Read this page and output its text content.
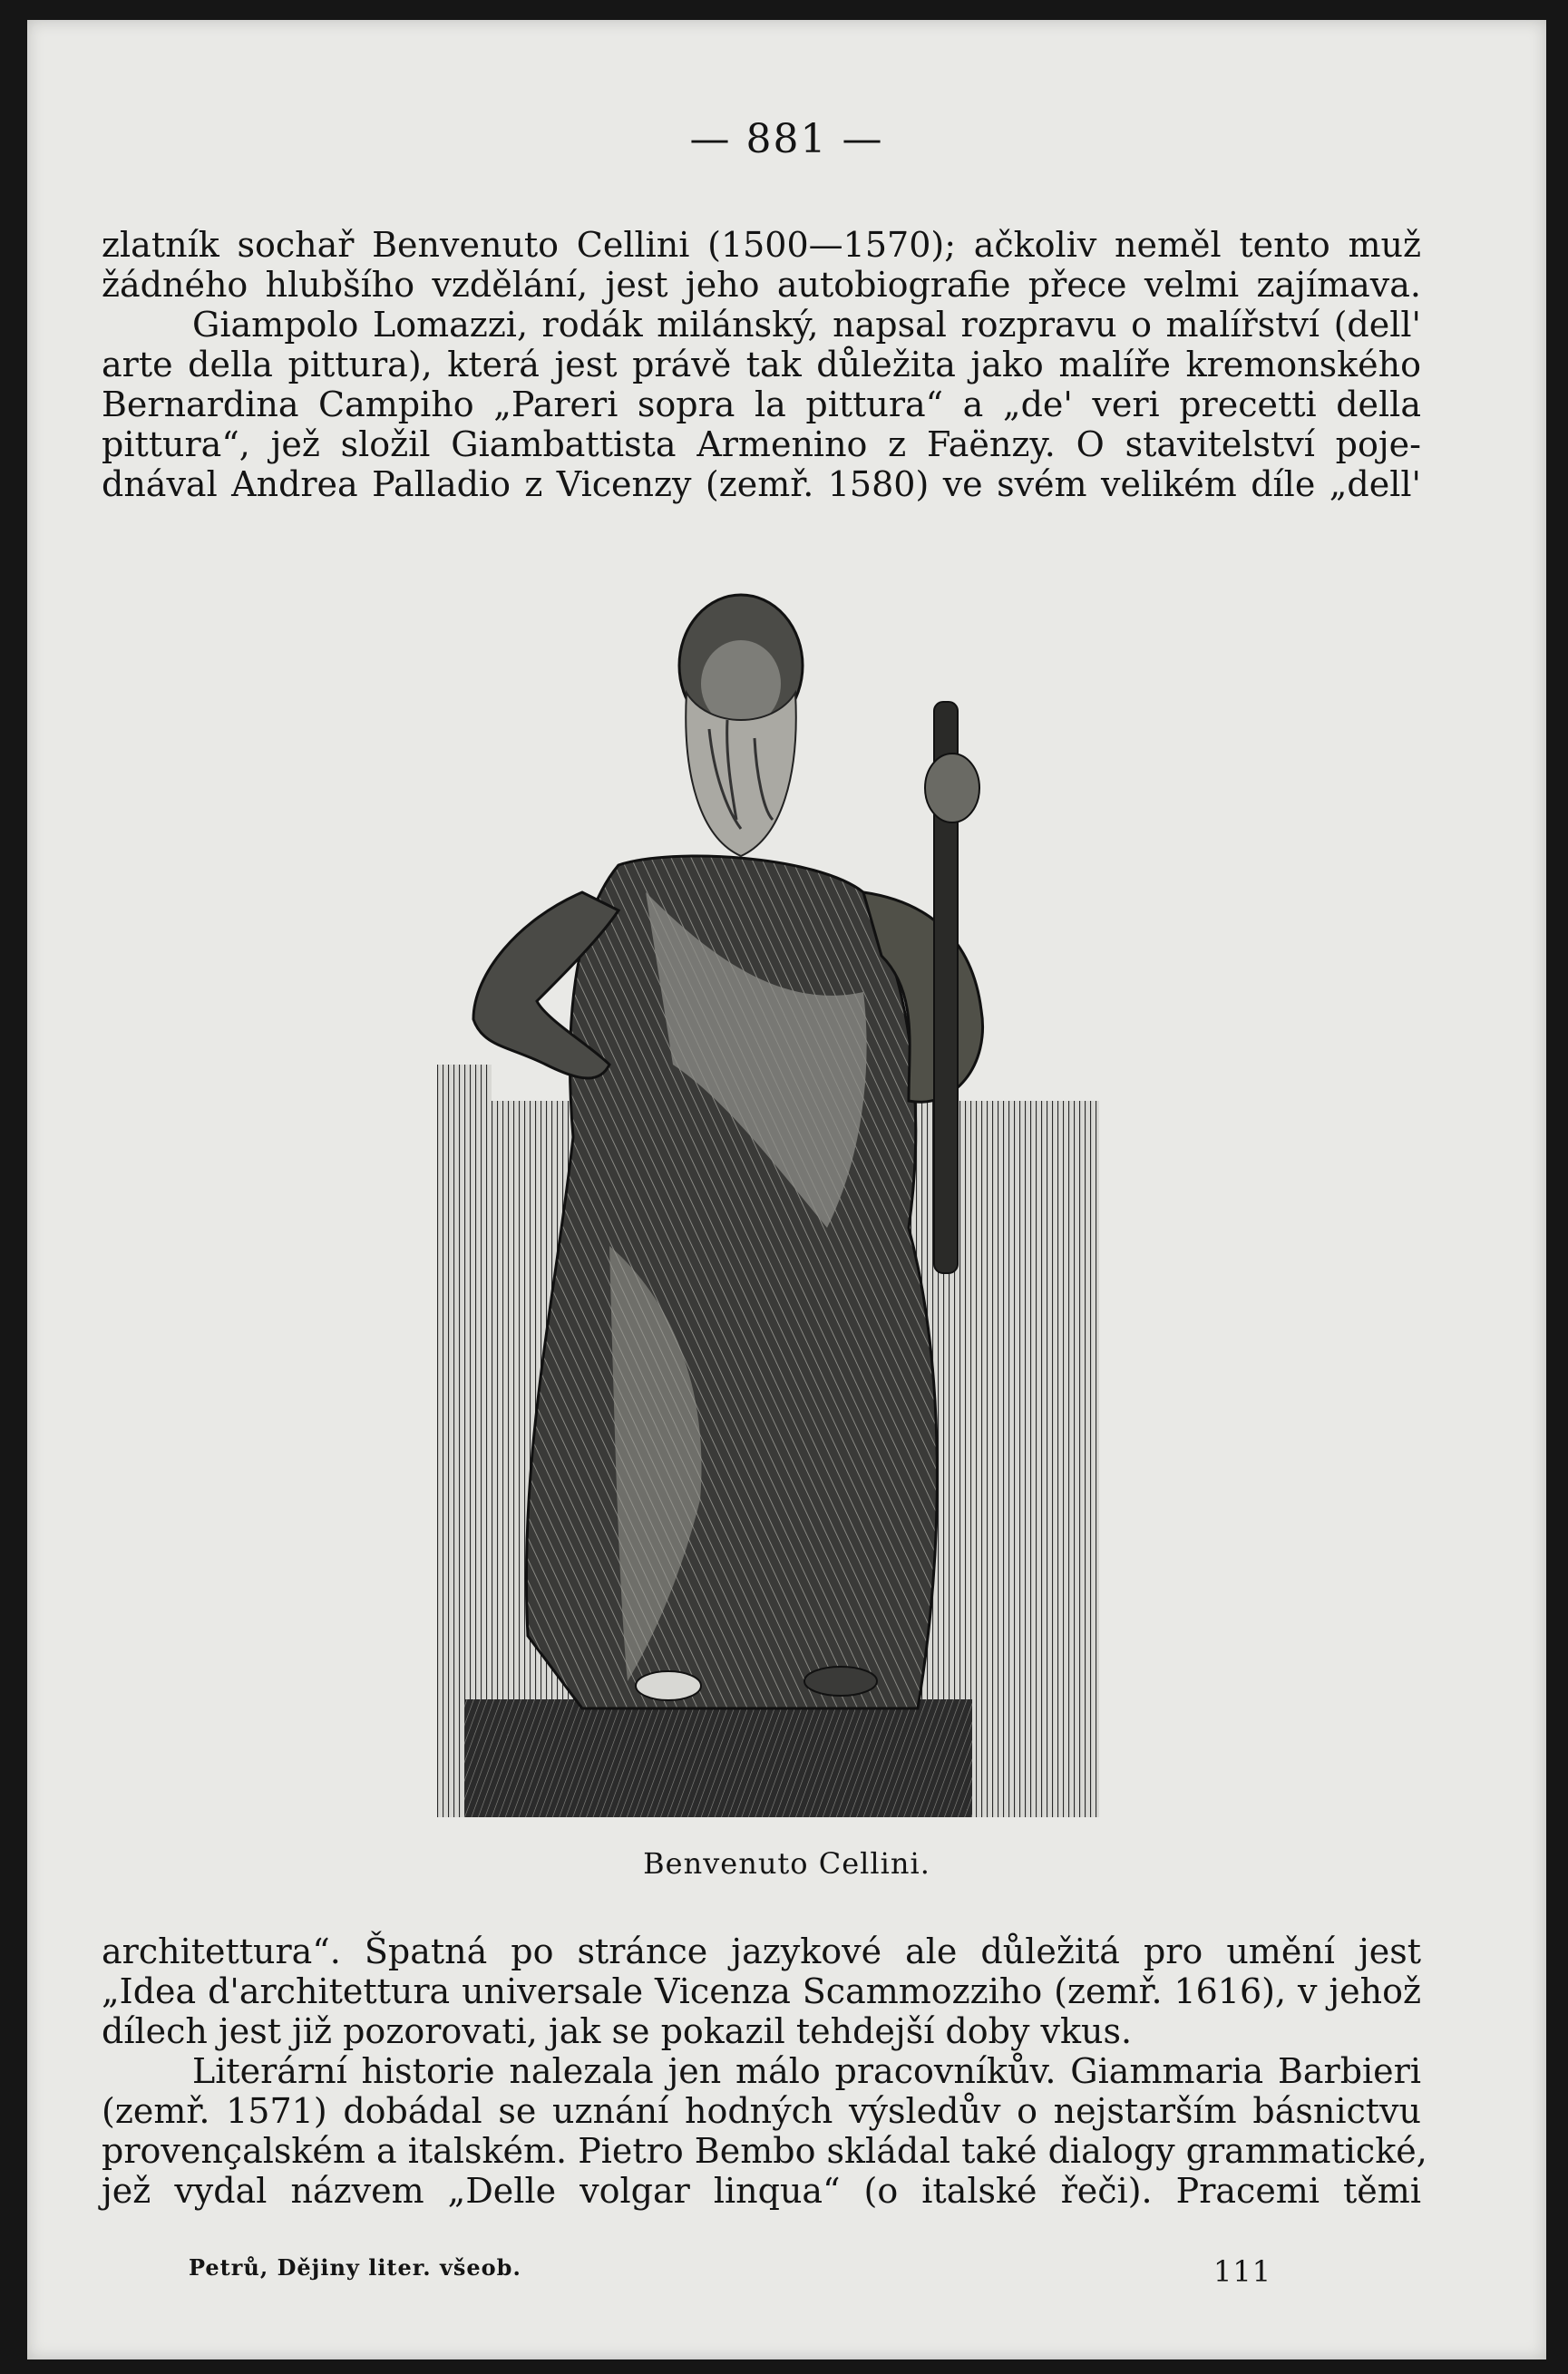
— 881 —
zlatník sochař Benvenuto Cellini (1500—1570); ačkoliv neměl tento muž
žádného hlubšího vzdělání, jest jeho autobiografie přece velmi zajímava.
Giampolo Lomazzi, rodák milánský, napsal rozpravu o malířství (dell'
arte della pittura), která jest právě tak důležita jako malíře kremonského
Bernardina Campiho „Pareri sopra la pittura“ a „de' veri precetti della
pittura“, jež složil Giambattista Armenino z Faënzy. O stavitelství poje-
dnával Andrea Palladio z Vicenzy (zemř. 1580) ve svém velikém díle „dell'
Benvenuto Cellini.
architettura“. Špatná po stránce jazykové ale důležitá pro umění jest
„Idea d'architettura universale Vicenza Scammozziho (zemř. 1616), v jehož
dílech jest již pozorovati, jak se pokazil tehdejší doby vkus.
Literární historie nalezala jen málo pracovníkův. Giammaria Barbieri
(zemř. 1571) dobádal se uznání hodných výsledův o nejstarším básnictvu
provençalském a italském. Pietro Bembo skládal také dialogy grammatické,
jež vydal názvem „Delle volgar linqua“ (o italské řeči). Pracemi těmi
Petrů, Dějiny liter. všeob.	111
